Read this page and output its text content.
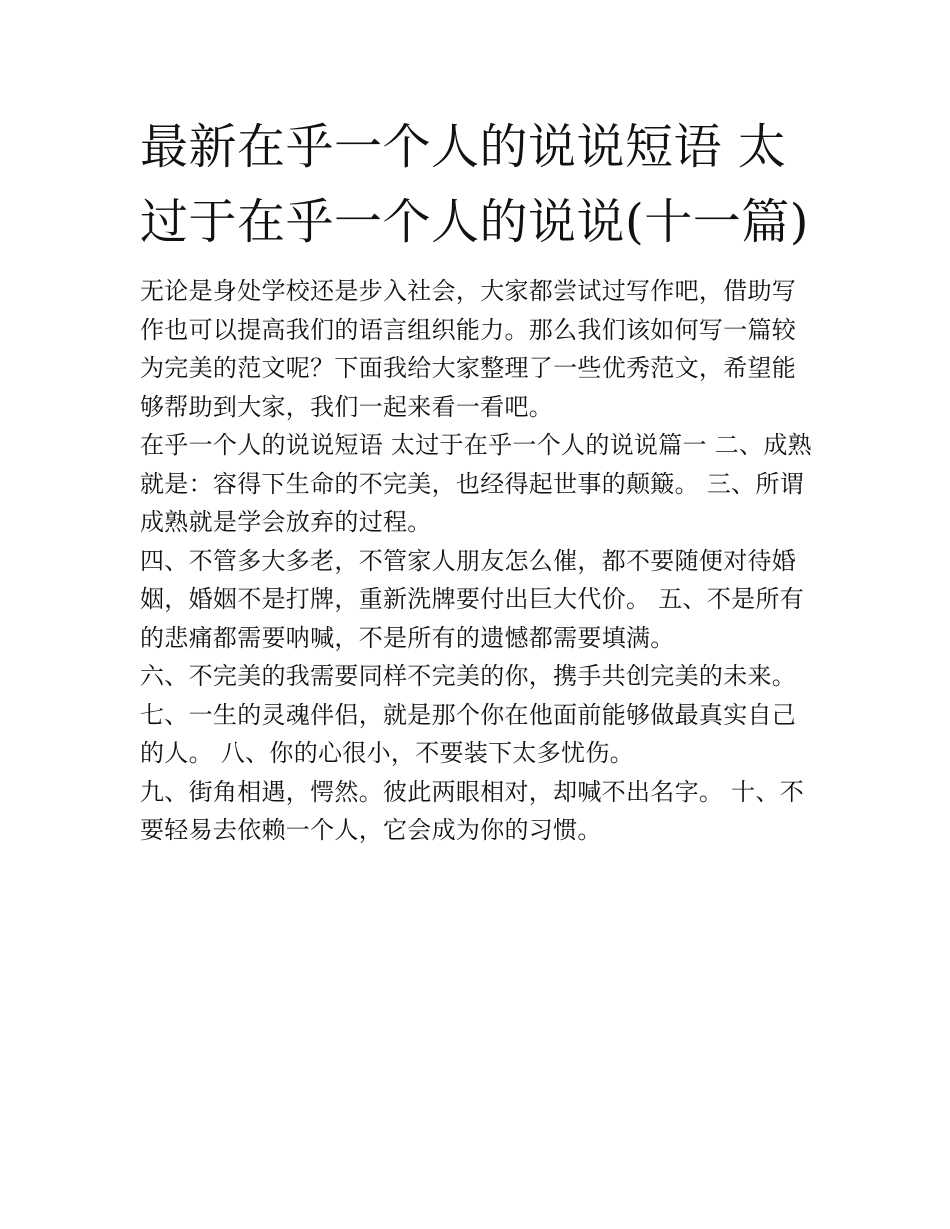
最新在乎一个人的说说短语 太过于在乎一个人的说说(十一篇)

无论是身处学校还是步入社会，大家都尝试过写作吧，借助写作也可以提高我们的语言组织能力。那么我们该如何写一篇较为完美的范文呢？下面我给大家整理了一些优秀范文，希望能够帮助到大家，我们一起来看一看吧。

在乎一个人的说说短语 太过于在乎一个人的说说篇一 二、成熟就是：容得下生命的不完美，也经得起世事的颠簸。 三、所谓成熟就是学会放弃的过程。

四、不管多大多老，不管家人朋友怎么催，都不要随便对待婚姻，婚姻不是打牌，重新洗牌要付出巨大代价。 五、不是所有的悲痛都需要呐喊，不是所有的遗憾都需要填满。

六、不完美的我需要同样不完美的你，携手共创完美的未来。

七、一生的灵魂伴侣，就是那个你在他面前能够做最真实自己的人。 八、你的心很小，不要装下太多忧伤。

九、街角相遇，愕然。彼此两眼相对，却喊不出名字。 十、不要轻易去依赖一个人，它会成为你的习惯。
